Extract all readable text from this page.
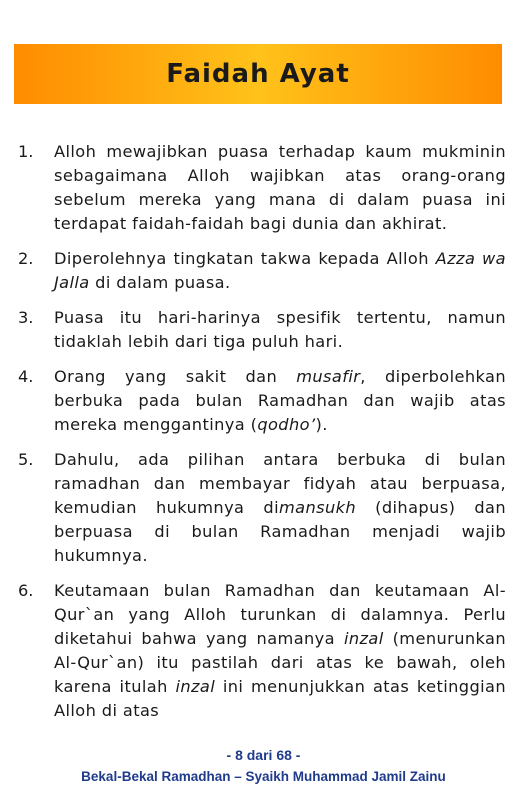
Faidah Ayat
1.	Alloh mewajibkan puasa terhadap kaum mukminin sebagaimana Alloh wajibkan atas orang-orang sebelum mereka yang mana di dalam puasa ini terdapat faidah-faidah bagi dunia dan akhirat.
2.	Diperolehnya tingkatan takwa kepada Alloh Azza wa Jalla di dalam puasa.
3.	Puasa itu hari-harinya spesifik tertentu, namun tidaklah lebih dari tiga puluh hari.
4.	Orang yang sakit dan musafir, diperbolehkan berbuka pada bulan Ramadhan dan wajib atas mereka menggantinya (qodho’).
5.	Dahulu, ada pilihan antara berbuka di bulan ramadhan dan membayar fidyah atau berpuasa, kemudian hukumnya dimansukh (dihapus) dan berpuasa di bulan Ramadhan menjadi wajib hukumnya.
6.	Keutamaan bulan Ramadhan dan keutamaan Al-Qur`an yang Alloh turunkan di dalamnya. Perlu diketahui bahwa yang namanya inzal (menurunkan Al-Qur`an) itu pastilah dari atas ke bawah, oleh karena itulah inzal ini menunjukkan atas ketinggian Alloh di atas
- 8 dari 68 -
Bekal-Bekal Ramadhan – Syaikh Muhammad Jamil Zainu
